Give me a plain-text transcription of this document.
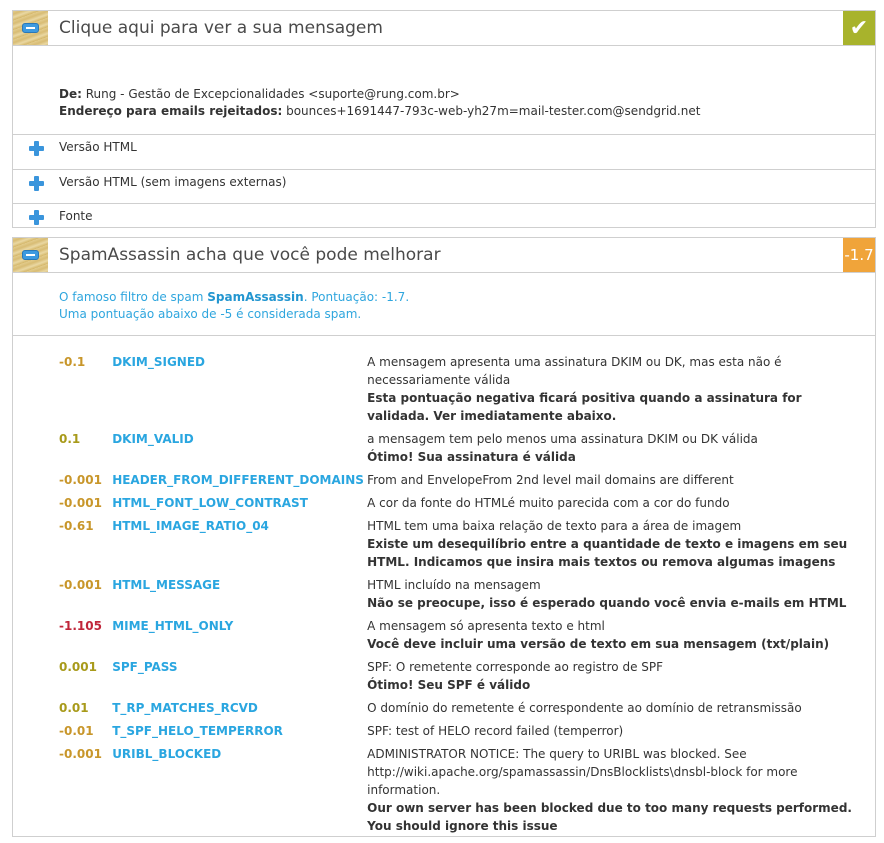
Clique aqui para ver a sua mensagem	✔
De: Rung - Gestão de Excepcionalidades <suporte@rung.com.br>
Endereço para emails rejeitados: bounces+1691447-793c-web-yh27m=mail-tester.com@sendgrid.net
Versão HTML
Versão HTML (sem imagens externas)
Fonte
SpamAssassin acha que você pode melhorar	-1.7
O famoso filtro de spam SpamAssassin. Pontuação: -1.7.
Uma pontuação abaixo de -5 é considerada spam.
-0.1	DKIM_SIGNED	A mensagem apresenta uma assinatura DKIM ou DK, mas esta não é necessariamente válida
Esta pontuação negativa ficará positiva quando a assinatura for validada. Ver imediatamente abaixo.

0.1	DKIM_VALID	a mensagem tem pelo menos uma assinatura DKIM ou DK válida
Ótimo! Sua assinatura é válida

-0.001	HEADER_FROM_DIFFERENT_DOMAINS	From and EnvelopeFrom 2nd level mail domains are different
-0.001	HTML_FONT_LOW_CONTRAST	A cor da fonte do HTMLé muito parecida com a cor do fundo
-0.61	HTML_IMAGE_RATIO_04	HTML tem uma baixa relação de texto para a área de imagem
Existe um desequilíbrio entre a quantidade de texto e imagens em seu HTML. Indicamos que insira mais textos ou remova algumas imagens

-0.001	HTML_MESSAGE	HTML incluído na mensagem
Não se preocupe, isso é esperado quando você envia e-mails em HTML

-1.105	MIME_HTML_ONLY	A mensagem só apresenta texto e html
Você deve incluir uma versão de texto em sua mensagem (txt/plain)

0.001	SPF_PASS	SPF: O remetente corresponde ao registro de SPF
Ótimo! Seu SPF é válido

0.01	T_RP_MATCHES_RCVD	O domínio do remetente é correspondente ao domínio de retransmissão
-0.01	T_SPF_HELO_TEMPERROR	SPF: test of HELO record failed (temperror)
-0.001	URIBL_BLOCKED	ADMINISTRATOR NOTICE: The query to URIBL was blocked. See http://wiki.apache.org/spamassassin/DnsBlocklists\dnsbl-block for more information.
Our own server has been blocked due to too many requests performed. You should ignore this issue
